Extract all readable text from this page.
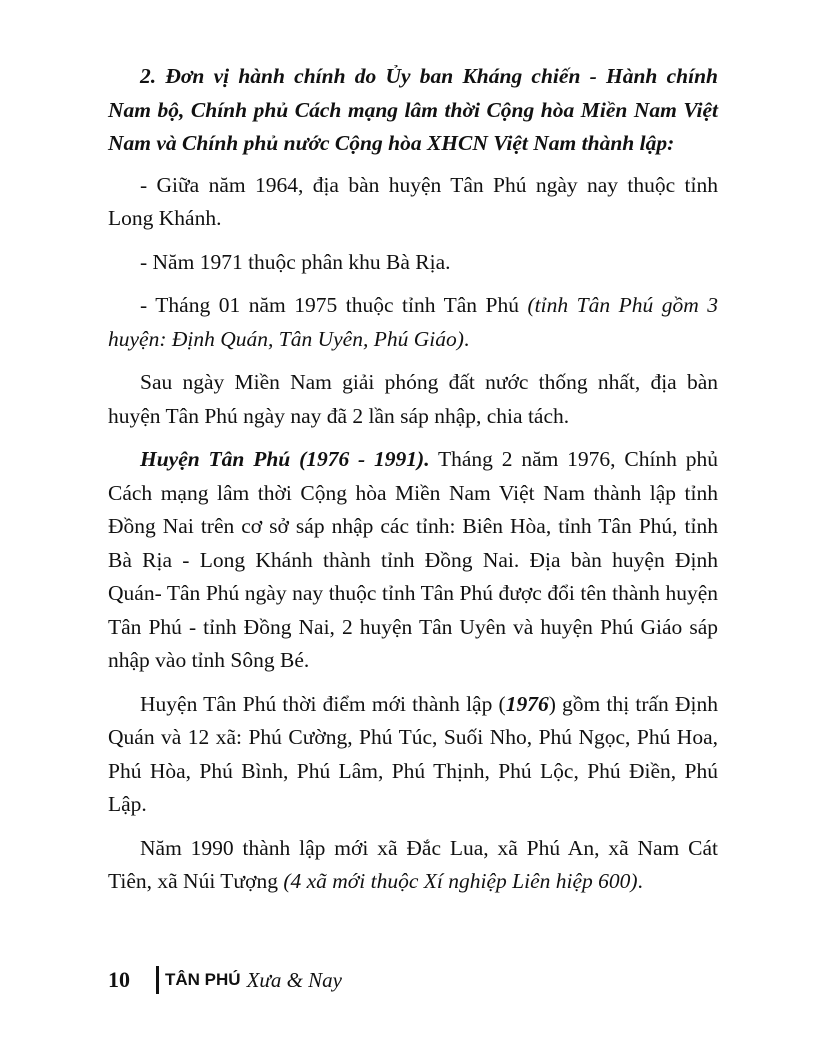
2. Đơn vị hành chính do Ủy ban Kháng chiến - Hành chính Nam bộ, Chính phủ Cách mạng lâm thời Cộng hòa Miền Nam Việt Nam và Chính phủ nước Cộng hòa XHCN Việt Nam thành lập:

- Giữa năm 1964, địa bàn huyện Tân Phú ngày nay thuộc tỉnh Long Khánh.

- Năm 1971 thuộc phân khu Bà Rịa.

- Tháng 01 năm 1975 thuộc tỉnh Tân Phú (tỉnh Tân Phú gồm 3 huyện: Định Quán, Tân Uyên, Phú Giáo).

Sau ngày Miền Nam giải phóng đất nước thống nhất, địa bàn huyện Tân Phú ngày nay đã 2 lần sáp nhập, chia tách.

Huyện Tân Phú (1976 - 1991). Tháng 2 năm 1976, Chính phủ Cách mạng lâm thời Cộng hòa Miền Nam Việt Nam thành lập tỉnh Đồng Nai trên cơ sở sáp nhập các tỉnh: Biên Hòa, tỉnh Tân Phú, tỉnh Bà Rịa - Long Khánh thành tỉnh Đồng Nai. Địa bàn huyện Định Quán- Tân Phú ngày nay thuộc tỉnh Tân Phú được đổi tên thành huyện Tân Phú - tỉnh Đồng Nai, 2 huyện Tân Uyên và huyện Phú Giáo sáp nhập vào tỉnh Sông Bé.

Huyện Tân Phú thời điểm mới thành lập (1976) gồm thị trấn Định Quán và 12 xã: Phú Cường, Phú Túc, Suối Nho, Phú Ngọc, Phú Hoa, Phú Hòa, Phú Bình, Phú Lâm, Phú Thịnh, Phú Lộc, Phú Điền, Phú Lập.

Năm 1990 thành lập mới xã Đắc Lua, xã Phú An, xã Nam Cát Tiên, xã Núi Tượng (4 xã mới thuộc Xí nghiệp Liên hiệp 600).

10 TÂN PHÚ Xưa & Nay
